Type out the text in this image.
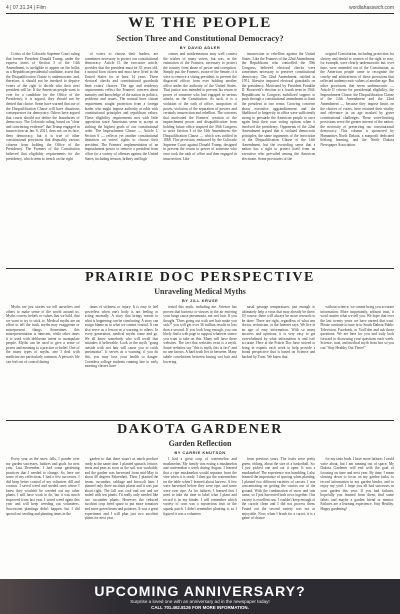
4 | 07.31.24 | Film	wordlahasswcfr.com
WE THE PEOPLE
Section Three and Constitutional Democracy?
BY DAVID ADLER

Critics of the Colorado Supreme Court ruling that former President Donald Trump, under the express terms of Section 3 of the 14th Amendment, is ineligible to appear on the ballot as a Republican presidential candidate, assert that the Disqualification Clause is undemocratic and, therefore, it should not be invoked to deprive voters of the right to decide who their next president will be. If the American people want to vote for a candidate for the Office of the Presidency, it is argued, they should not be denied that choice. Some have warned that use of the Disqualification Clause will have disastrous consequences for democracy. Others have argued that courts should not define the boundaries of democracy. The Colorado ruling, based on "clear and convincing evidence" that Trump engaged in insurrection on Jan. 6, 2021, does not, on its face, deny democracy, but it is true of other constitutional provisions that disqualify various citizens from holding the Office of the Presidency. The Framers of the Constitution believed that eligibility requirements for the presidency, which seem to trench on the right

of voters to choose their leaders, are sometimes necessary to protect our constitutional democracy. Article II, the executive article, provides that the president must be 35 years old, a natural born citizen and must have lived in the United States for at least 14 years. These electoral checks and constitutional guardrails limit voters' choices. The age and residency requirements reflect the Framers' concern about maturity and knowledge of the nation its politics, problems and issues. The natural born citizen requirement sought protection from a foreign leader who might impose authority at odds with constitutional principles and republican values. These eligibility requirements met with little opposition since Americans seem to accept as striking the highest goals of our constitutional order. The Impeachment Clause — Article I, Section 6 — reflects yet another constitutional limitation on voters' rights to choose their president. The Framers' implementation of an impeachment power to remove a president from office for a variety of offenses against the United States, including treason, bribery and high

crimes and misdemeanors may well contest the wishes of many voters, but was, in the estimation of the Framers, necessary to protect the country from abuse of power and corruption. Simply put, the Framers, aware of the Senate, if it were to remove a sitting president, to prevent the disgraced officer from ever holding another office under the authority of the United States. That justice was intended to prevent his return to power of someone who had engaged in serious attacks on the Constitution. As such, it is a violation of the oath of office, usurpation of power, violation of the separation of powers and certainly insurrection and rebellion. The concerns that motivated the Framers' creation of the impeachment power and disqualification from holding future office inspired the 39th Congress to write Section 3 of the 14th Amendment: the Disqualification Clause — which was ratified in 1868. This provision, embraced by the Colorado Supreme Court against Donald Trump, designed to prevent the return to power of someone who once took the oath of office and then engaged in insurrection. Like

insurrection or rebellion against the United States. Like the Framers of the 22nd Amendment, the Republicans who controlled the 39th Congress, believed electoral checks were sometimes necessary to preserve constitutional democracy. The 22nd Amendment, ratified in 1951, likewise imposed electoral guardrails on the presidency. Motivated by President Franklin D. Roosevelt's election to a fourth term in 1944, Republicans in Congress mobilized support to push through a constitutional amendment to limit the president to two terms. Growing concerns about executive aggrandizement and the likelihood to longevity in office were sufficiently strong to persuade the American people to once again limit their own voting options when it involved the presidency. Opponents of the 22nd Amendment argued that it violated democratic principles, the same arguments of the invocation of the Disqualification Clause of the 14th Amendment, but the overriding sense that a nation has a right to protect itself from an executive who prevailed among the American electorate. Some provisions of the

original Constitution, including protection for slavery and denial to women of the right to vote, for example, were clearly undemocratic but, over time, were amended out of the Constitution, as the American people came to recognize the cruelty and arbitrariness of those provisions that reflected undemocratic values of another age. But other provisions that seem undemocratic — Article II criteria for presidential eligibility, the Impeachment Clause, the Disqualification Clause of the 14th Amendment and the 22nd Amendment — because they impose limits on the choices of voters, have retained their vitality and relevance in an age marked by grave constitutional challenges. These voter-limiting provisions serve the greater interest of the nation: the necessity of preserving our constitutional democracy. This column is sponsored by Humanities North Dakota, a nonprofit dedicated lifelong learning, and the North Dakota Newspaper Association.

PRAIRIE DOC PERSPECTIVE
Unraveling Medical Myths
BY JILL KRUSE

Myths are just stories we tell ourselves and others to make sense of the world around us. Myths convey beliefs or values that we hold, that we want to try to stick to. Medical myths are an effort to tell the truth, myths may exaggerate or misrepresent things. Sometimes this misrepresentation is innocent, while other times it is used with deliberate intent to manipulate people. Myths can be used to give a sense of power and meaning to a practice or belief. One of the many types of myths, one I deal with medicine are particularly common. A person's life can feel out of control during

times of sickness or injury. It is easy to feel powerless when one's body is not feeling or acting normally. A story that brings reason to what is happening can be comforting. A story can assign blame as to what we cannot control. It can also serve as a lesson as a warning to others. In every generation, medical myths come and go. We all know somebody who will recall that mistakes it believable. Look at the myth "going outside with wet hair will cause you to catch pneumonia". It serves as a warning, if you do this, you may lose your health to danger. Countless college students running late to early morning classes have

tested this myth, including me. Science has proven that bacteria or viruses in the air entering your lungs cause pneumonia, not wet hair. If you thought "Does going out with wet hair make you sick?" you will get over 36 million results in less than a second. If you look long enough, you can likely find a web page to support whatever stance you want to take on this. Many will have these websites. The fact that websites exist is a myth. Some websites say "this is myth, this is fact" and no one knows. A hard truth lies in between. Many subtle correlations between having wet hair and lowering

nasal passage temperatures just enough to ultimately help a virus that may already be there. Of course, there will always be more research to be done. There are right, regardless of what any doctor, technician, or the Internet says. We live in an age of easy information. With so many answers and opinions, it is very easy to get overwhelmed by what information is and isn't accurate. Here at the Prairie Doc have strived to bring in experts each week to help provide a broad perspective that is based on Science and backed by Trust. We know that

without science, we cannot bring you accurate information. More importantly, without trust, it won't matter what we tell you. We hope that over the last twenty years we have earned that trust. Please continue to tune in to South Dakota Public Television, Facebook, or YouTube and ask those questions. We are here for you and truly look forward to discussing your questions each week. Science, trust, and medical myth from fact so you can "Stay Healthy Out There!"

DAKOTA GARDENER
Garden Reflection
BY CARRIE KNUTSON

Every year as the snow falls, I ponder over my garden successes, failures and goals for next year. Last December, I had some gardening practices that I needed to change. So, here are some of my reflections. I had a few successes. I did keep better control of my volunteer dill and cosmos. I saved weed and seeded ones where I knew they wouldn't be weeded out my other plants. I still have work to do, but it was much improved from last year. I saved weed again this year and will keep weeding out volunteers. Succession plantings didn't happen, but I did spread out seeding and planting times in the

garden so that there wasn't as much produce ready at the same time. I planted spinach, lettuce, beets and peas as soon as the soil was workable, and the garden was harvested from mid-May to about 40 degrees Fahrenheit. Then, I planted the beans, cucumber, cabbage and broccoli later. I planted only three zucchini plants and it was just about right. The fall was cool and wet and we ended with ten plants. I'd really only needed like two cucumber plants. However, the reduced zucchini crop freed space to put more tomatoes and more green beans and potatoes. It was a great experiment and I will plan just two zucchini plants for next year.

I had a great crop of watermelon and muskmelon. My family was eating a muskmelon and watermelon a week during August. I learned that a ripe muskmelon would separate from the vine when it is ready. I then got the watermelons on the table when I learned about harvest. A few were harvested before they were ripe, and some were over ripe. As for failures, I learned that I need to take the time to label what I plant and record it in my binder. I will remember which variety of corn was a mysterious fruit in the squash patch. I didn't remember planting it, so I figured it was a volunteer

from previous years. The fruits were pretty green, oblong, about the size of a basketball. So, I just picked one and cut it open. It was a muskmelon! The experience was humbling. I also learned the importance of spacing when planting. I planted two different varieties of carrots. I was concentrating on getting the carrots out of the ground. With the combination of snow and rain came, so I just harvested both rows together. One variety is excellent raw. I couldn't keep enough of the carrots clean and I did not process them. Found out the second variety was not as enjoyable. Now, when I brush for a carrot, it is a game of chance

for my taste buds. I have more failures I could write about, but I am running out of space. My Dakota Gardener will end with the goal of focusing on time and next year. By time, I mean slowing down to focus on my garden tasks, to record information in my garden binder, and to enjoy my yard. I hope you all had successes in your garden this year. If you had failures, hopefully you learned from them, find some fabric and maybe a garden friend or mentor. Failures are a learning experience. Stay Healthy. Happy gardening!

UPCOMING ANNIVERSARY?
Surprise a loved one with an anniversary ad in the newspaper today!
CALL 701.462.8126 FOR MORE INFORMATION.
